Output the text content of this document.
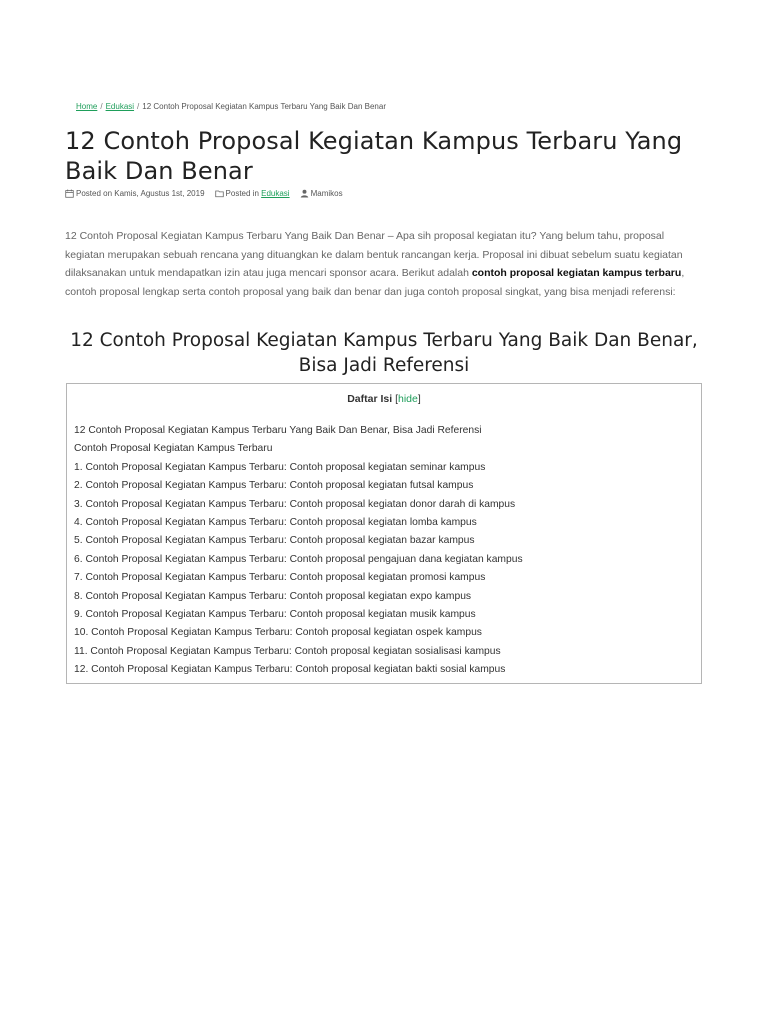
Home / Edukasi / 12 Contoh Proposal Kegiatan Kampus Terbaru Yang Baik Dan Benar
12 Contoh Proposal Kegiatan Kampus Terbaru Yang Baik Dan Benar
Posted on Kamis, Agustus 1st, 2019	Posted in
Edukasi	Mamikos

12 Contoh Proposal Kegiatan Kampus Terbaru Yang Baik Dan Benar – Apa sih proposal kegiatan itu? Yang belum tahu, proposal kegiatan merupakan sebuah rencana yang dituangkan ke dalam bentuk rancangan kerja. Proposal ini dibuat sebelum suatu kegiatan dilaksanakan untuk mendapatkan izin atau juga mencari sponsor acara. Berikut adalah contoh proposal kegiatan kampus terbaru, contoh proposal lengkap serta contoh proposal yang baik dan benar dan juga contoh proposal singkat, yang bisa menjadi referensi:

12 Contoh Proposal Kegiatan Kampus Terbaru Yang Baik Dan Benar, Bisa Jadi Referensi
Daftar Isi [hide]
12 Contoh Proposal Kegiatan Kampus Terbaru Yang Baik Dan Benar, Bisa Jadi Referensi
Contoh Proposal Kegiatan Kampus Terbaru
1. Contoh Proposal Kegiatan Kampus Terbaru: Contoh proposal kegiatan seminar kampus
2. Contoh Proposal Kegiatan Kampus Terbaru: Contoh proposal kegiatan futsal kampus
3. Contoh Proposal Kegiatan Kampus Terbaru: Contoh proposal kegiatan donor darah di kampus
4. Contoh Proposal Kegiatan Kampus Terbaru: Contoh proposal kegiatan lomba kampus
5. Contoh Proposal Kegiatan Kampus Terbaru: Contoh proposal kegiatan bazar kampus
6. Contoh Proposal Kegiatan Kampus Terbaru: Contoh proposal pengajuan dana kegiatan kampus
7. Contoh Proposal Kegiatan Kampus Terbaru: Contoh proposal kegiatan promosi kampus
8. Contoh Proposal Kegiatan Kampus Terbaru: Contoh proposal kegiatan expo kampus
9. Contoh Proposal Kegiatan Kampus Terbaru: Contoh proposal kegiatan musik kampus
10. Contoh Proposal Kegiatan Kampus Terbaru: Contoh proposal kegiatan ospek kampus
11. Contoh Proposal Kegiatan Kampus Terbaru: Contoh proposal kegiatan sosialisasi kampus
12. Contoh Proposal Kegiatan Kampus Terbaru: Contoh proposal kegiatan bakti sosial kampus
